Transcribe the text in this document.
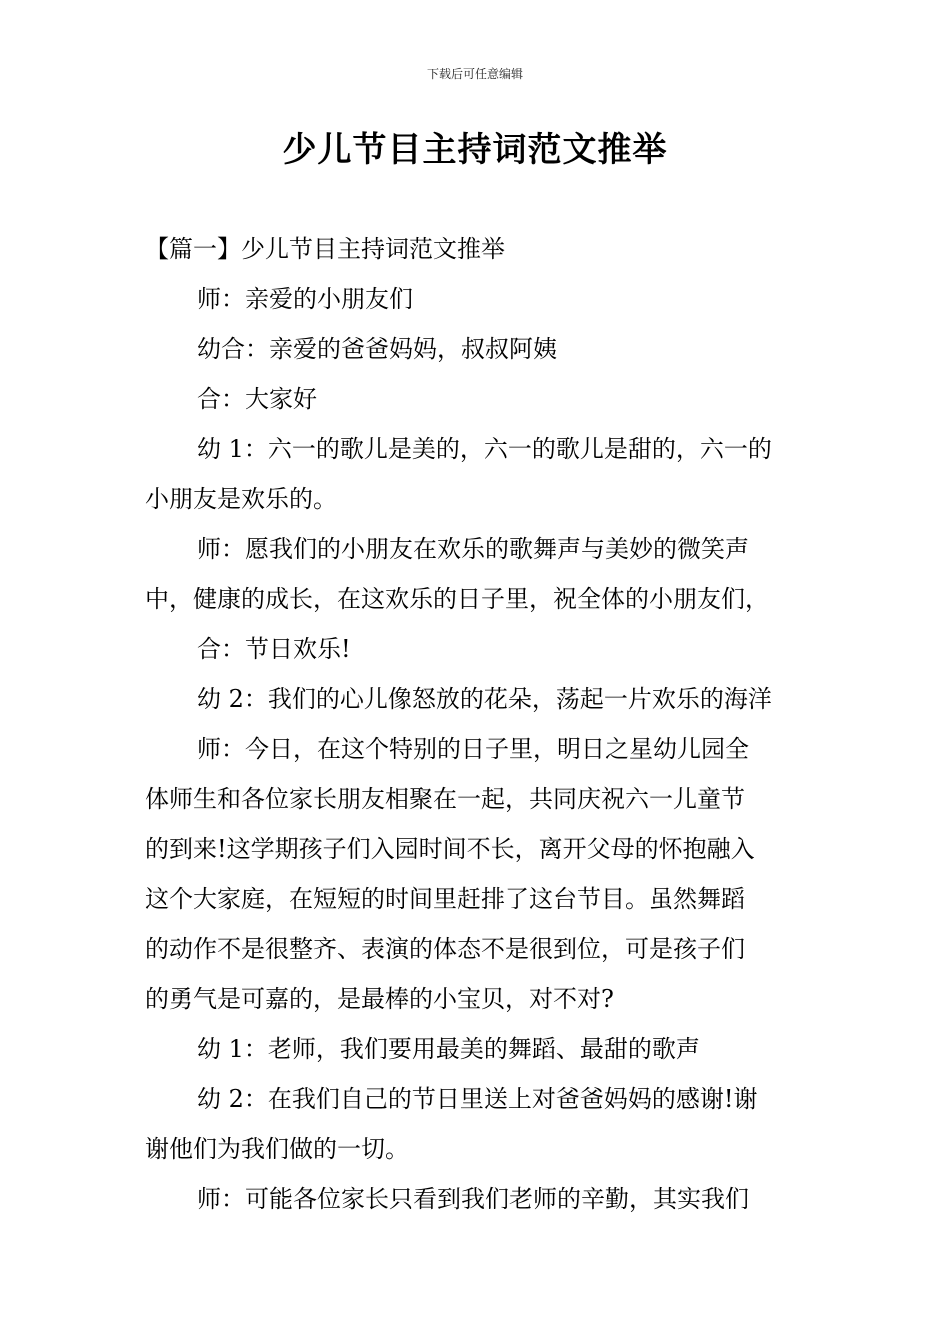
下载后可任意编辑
少儿节目主持词范文推举

【篇一】少儿节目主持词范文推举

师：亲爱的小朋友们

幼合：亲爱的爸爸妈妈，叔叔阿姨

合：大家好

幼 1：六一的歌儿是美的，六一的歌儿是甜的，六一的

小朋友是欢乐的。

师：愿我们的小朋友在欢乐的歌舞声与美妙的微笑声

中，健康的成长，在这欢乐的日子里，祝全体的小朋友们，

合：节日欢乐!

幼 2：我们的心儿像怒放的花朵，荡起一片欢乐的海洋

师：今日，在这个特别的日子里，明日之星幼儿园全

体师生和各位家长朋友相聚在一起，共同庆祝六一儿童节

的到来!这学期孩子们入园时间不长，离开父母的怀抱融入

这个大家庭，在短短的时间里赶排了这台节目。虽然舞蹈

的动作不是很整齐、表演的体态不是很到位，可是孩子们

的勇气是可嘉的，是最棒的小宝贝，对不对?

幼 1：老师，我们要用最美的舞蹈、最甜的歌声

幼 2：在我们自己的节日里送上对爸爸妈妈的感谢!谢

谢他们为我们做的一切。

师：可能各位家长只看到我们老师的辛勤，其实我们
